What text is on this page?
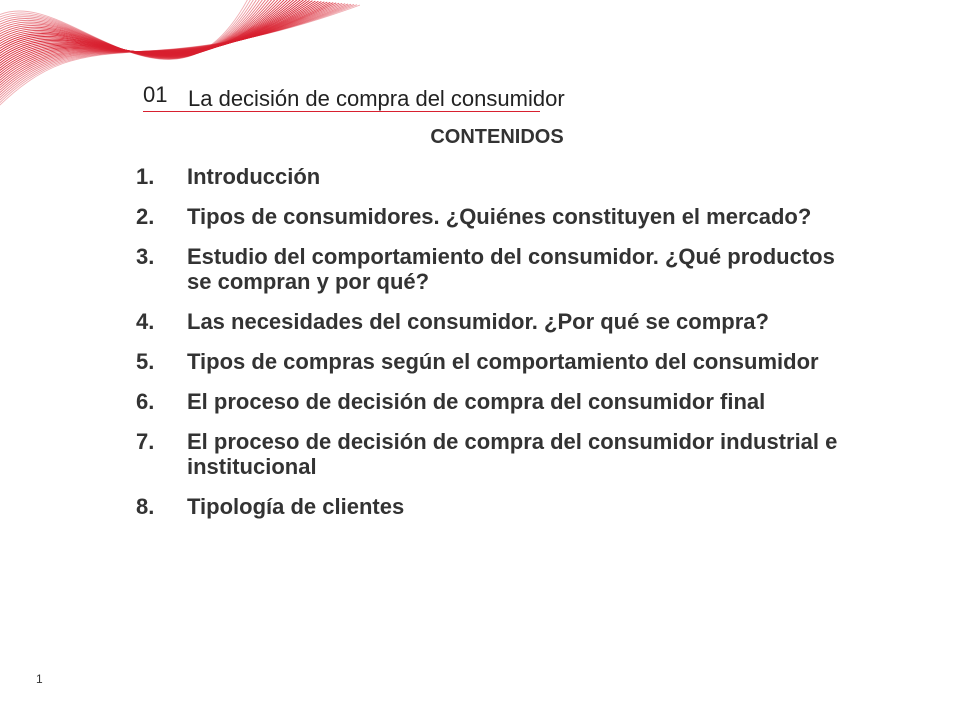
01 La decisión de compra del consumidor
CONTENIDOS
1.	Introducción
2.	Tipos de consumidores. ¿Quiénes constituyen el mercado?
3.	Estudio del comportamiento del consumidor. ¿Qué productos se compran y por qué?
4.	Las necesidades del consumidor. ¿Por qué se compra?
5.	Tipos de compras según el comportamiento del consumidor
6.	El proceso de decisión de compra del consumidor final
7.	El proceso de decisión de compra del consumidor industrial e institucional
8.	Tipología de clientes
1
